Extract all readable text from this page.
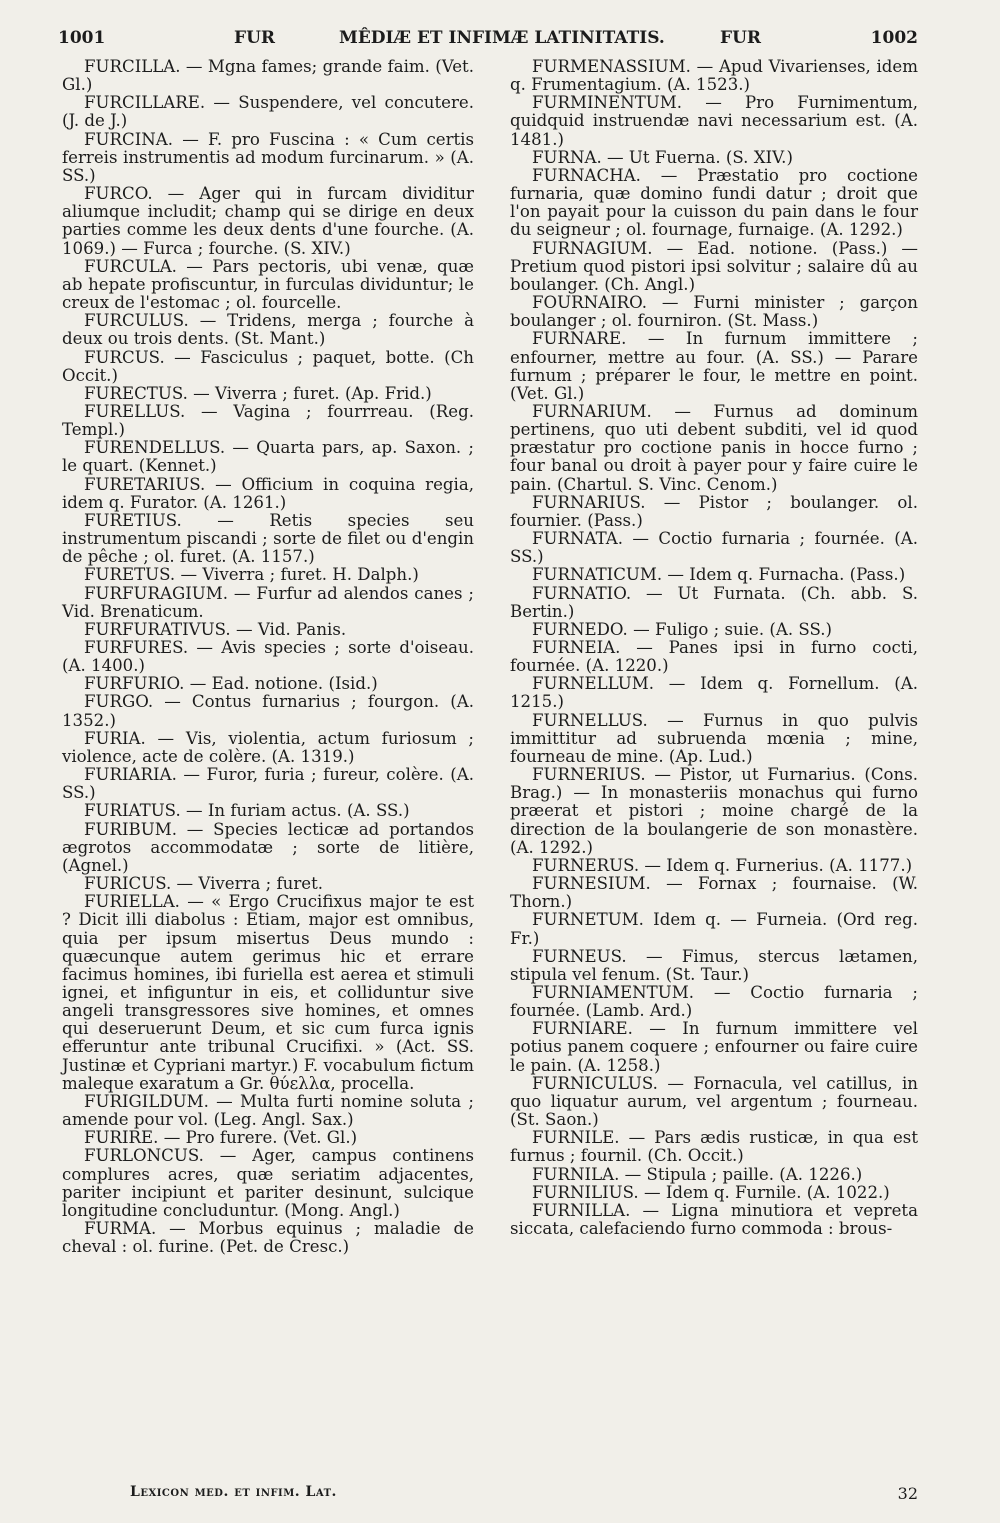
1001	FUR	MÊDIÆ ET INFIMÆ LATINITATIS.	FUR	1002

FURCILLA. — Mgna fames; grande faim. (Vet. Gl.)

FURCILLARE. — Suspendere, vel concutere. (J. de J.)

FURCINA. — F. pro Fuscina : « Cum certis ferreis instrumentis ad modum furcinarum. » (A. SS.)

FURCO. — Ager qui in furcam dividitur aliumque includit; champ qui se dirige en deux parties comme les deux dents d'une fourche. (A. 1069.) — Furca ; fourche. (S. XIV.)

FURCULA. — Pars pectoris, ubi venæ, quæ ab hepate profiscuntur, in furculas dividuntur; le creux de l'estomac ; ol. fourcelle.

FURCULUS. — Tridens, merga ; fourche à deux ou trois dents. (St. Mant.)

FURCUS. — Fasciculus ; paquet, botte. (Ch Occit.)

FURECTUS. — Viverra ; furet. (Ap. Frid.)

FURELLUS. — Vagina ; fourrreau. (Reg. Templ.)

FURENDELLUS. — Quarta pars, ap. Saxon. ; le quart. (Kennet.)

FURETARIUS. — Officium in coquina regia, idem q. Furator. (A. 1261.)

FURETIUS. — Retis species seu instrumentum piscandi ; sorte de filet ou d'engin de pêche ; ol. furet. (A. 1157.)

FURETUS. — Viverra ; furet. H. Dalph.)

FURFURAGIUM. — Furfur ad alendos canes ; Vid. Brenaticum.

FURFURATIVUS. — Vid. Panis.

FURFURES. — Avis species ; sorte d'oiseau. (A. 1400.)

FURFURIO. — Ead. notione. (Isid.)

FURGO. — Contus furnarius ; fourgon. (A. 1352.)

FURIA. — Vis, violentia, actum furiosum ; violence, acte de colère. (A. 1319.)

FURIARIA. — Furor, furia ; fureur, colère. (A. SS.)

FURIATUS. — In furiam actus. (A. SS.)

FURIBUM. — Species lecticæ ad portandos ægrotos accommodatæ ; sorte de litière, (Agnel.)

FURICUS. — Viverra ; furet.

FURIELLA. — « Ergo Crucifixus major te est ? Dicit illi diabolus : Etiam, major est omnibus, quia per ipsum misertus Deus mundo : quæcunque autem gerimus hic et errare facimus homines, ibi furiella est aerea et stimuli ignei, et infiguntur in eis, et colliduntur sive angeli transgressores sive homines, et omnes qui deseruerunt Deum, et sic cum furca ignis efferuntur ante tribunal Crucifixi. » (Act. SS. Justinæ et Cypriani martyr.) F. vocabulum fictum maleque exaratum a Gr. θύελλα, procella.

FURIGILDUM. — Multa furti nomine soluta ; amende pour vol. (Leg. Angl. Sax.)

FURIRE. — Pro furere. (Vet. Gl.)

FURLONCUS. — Ager, campus continens complures acres, quæ seriatim adjacentes, pariter incipiunt et pariter desinunt, sulcique longitudine concluduntur. (Mong. Angl.)

FURMA. — Morbus equinus ; maladie de cheval : ol. furine. (Pet. de Cresc.)

FURMENASSIUM. — Apud Vivarienses, idem q. Frumentagium. (A. 1523.)

FURMINENTUM. — Pro Furnimentum, quidquid instruendæ navi necessarium est. (A. 1481.)

FURNA. — Ut Fuerna. (S. XIV.)

FURNACHA. — Præstatio pro coctione furnaria, quæ domino fundi datur ; droit que l'on payait pour la cuisson du pain dans le four du seigneur ; ol. fournage, furnaige. (A. 1292.)

FURNAGIUM. — Ead. notione. (Pass.) — Pretium quod pistori ipsi solvitur ; salaire dû au boulanger. (Ch. Angl.)

FOURNAIRO. — Furni minister ; garçon boulanger ; ol. fourniron. (St. Mass.)

FURNARE. — In furnum immittere ; enfourner, mettre au four. (A. SS.) — Parare furnum ; préparer le four, le mettre en point. (Vet. Gl.)

FURNARIUM. — Furnus ad dominum pertinens, quo uti debent subditi, vel id quod præstatur pro coctione panis in hocce furno ; four banal ou droit à payer pour y faire cuire le pain. (Chartul. S. Vinc. Cenom.)

FURNARIUS. — Pistor ; boulanger. ol. fournier. (Pass.)

FURNATA. — Coctio furnaria ; fournée. (A. SS.)

FURNATICUM. — Idem q. Furnacha. (Pass.)

FURNATIO. — Ut Furnata. (Ch. abb. S. Bertin.)

FURNEDO. — Fuligo ; suie. (A. SS.)

FURNEIA. — Panes ipsi in furno cocti, fournée. (A. 1220.)

FURNELLUM. — Idem q. Fornellum. (A. 1215.)

FURNELLUS. — Furnus in quo pulvis immittitur ad subruenda mœnia ; mine, fourneau de mine. (Ap. Lud.)

FURNERIUS. — Pistor, ut Furnarius. (Cons. Brag.) — In monasteriis monachus qui furno præerat et pistori ; moine chargé de la direction de la boulangerie de son monastère. (A. 1292.)

FURNERUS. — Idem q. Furnerius. (A. 1177.)

FURNESIUM. — Fornax ; fournaise. (W. Thorn.)

FURNETUM. Idem q. — Furneia. (Ord reg. Fr.)

FURNEUS. — Fimus, stercus lætamen, stipula vel fenum. (St. Taur.)

FURNIAMENTUM. — Coctio furnaria ; fournée. (Lamb. Ard.)

FURNIARE. — In furnum immittere vel potius panem coquere ; enfourner ou faire cuire le pain. (A. 1258.)

FURNICULUS. — Fornacula, vel catillus, in quo liquatur aurum, vel argentum ; fourneau. (St. Saon.)

FURNILE. — Pars ædis rusticæ, in qua est furnus ; fournil. (Ch. Occit.)

FURNILA. — Stipula ; paille. (A. 1226.)

FURNILIUS. — Idem q. Furnile. (A. 1022.)

FURNILLA. — Ligna minutiora et vepreta siccata, calefaciendo furno commoda : brous-

Lexicon med. et infim. Lat.	32
